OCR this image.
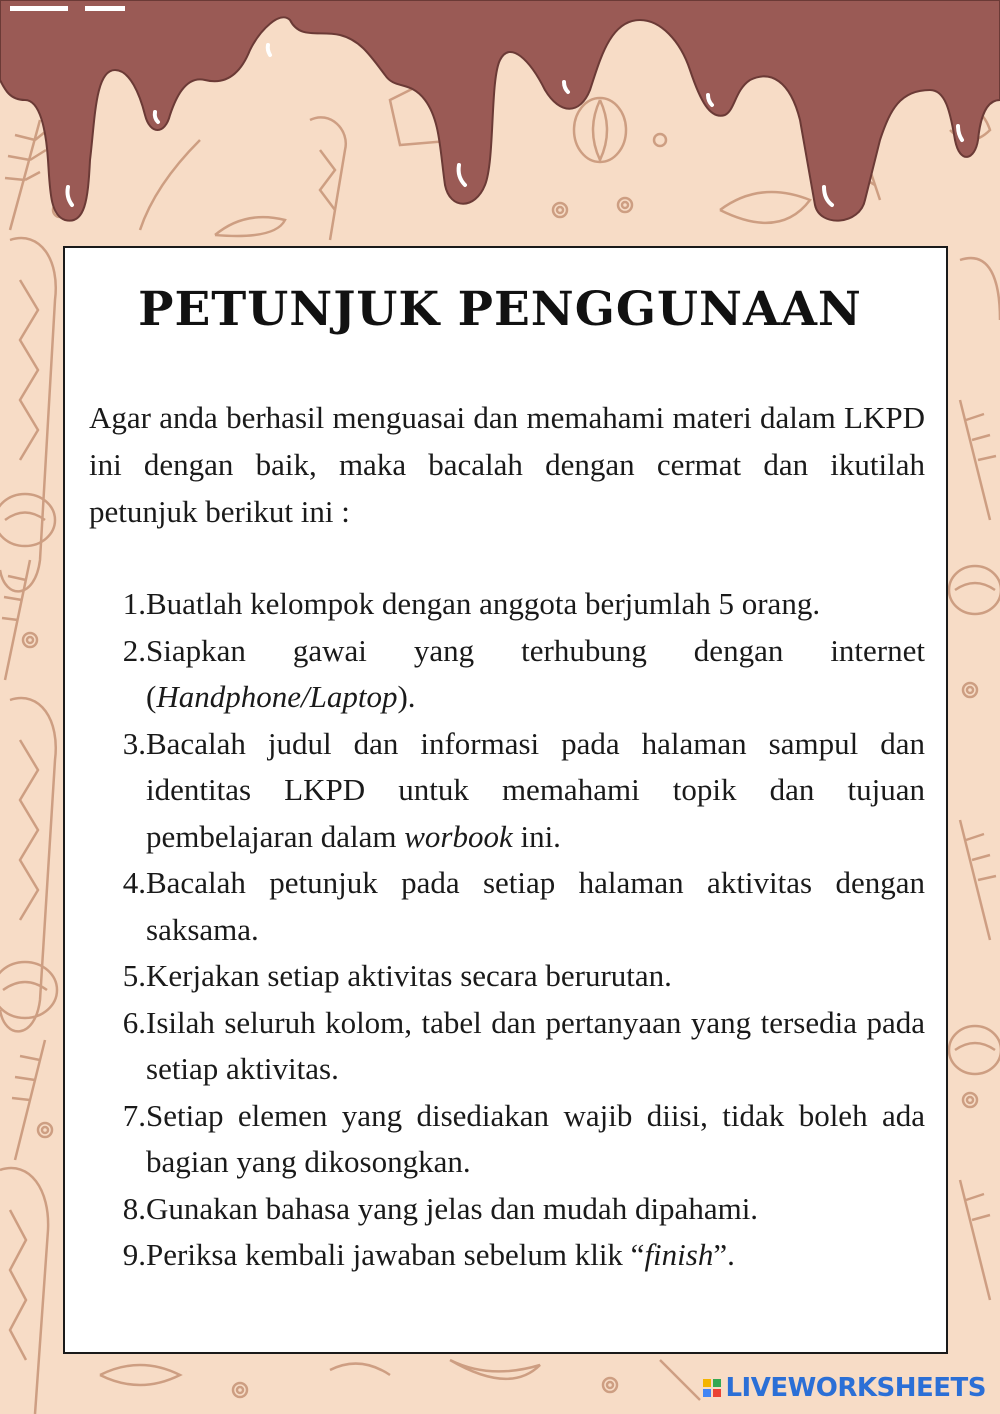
PETUNJUK PENGGUNAAN

Agar anda berhasil menguasai dan memahami materi dalam LKPD ini dengan baik, maka bacalah dengan cermat dan ikutilah petunjuk berikut ini :

1. Buatlah kelompok dengan anggota berjumlah 5 orang.
2. Siapkan gawai yang terhubung dengan internet (Handphone/Laptop).
3. Bacalah judul dan informasi pada halaman sampul dan identitas LKPD untuk memahami topik dan tujuan pembelajaran dalam worbook ini.
4. Bacalah petunjuk pada setiap halaman aktivitas dengan saksama.
5. Kerjakan setiap aktivitas secara berurutan.
6. Isilah seluruh kolom, tabel dan pertanyaan yang tersedia pada setiap aktivitas.
7. Setiap elemen yang disediakan wajib diisi, tidak boleh ada bagian yang dikosongkan.
8. Gunakan bahasa yang jelas dan mudah dipahami.
9. Periksa kembali jawaban sebelum klik “finish”.
LIVEWORKSHEETS
